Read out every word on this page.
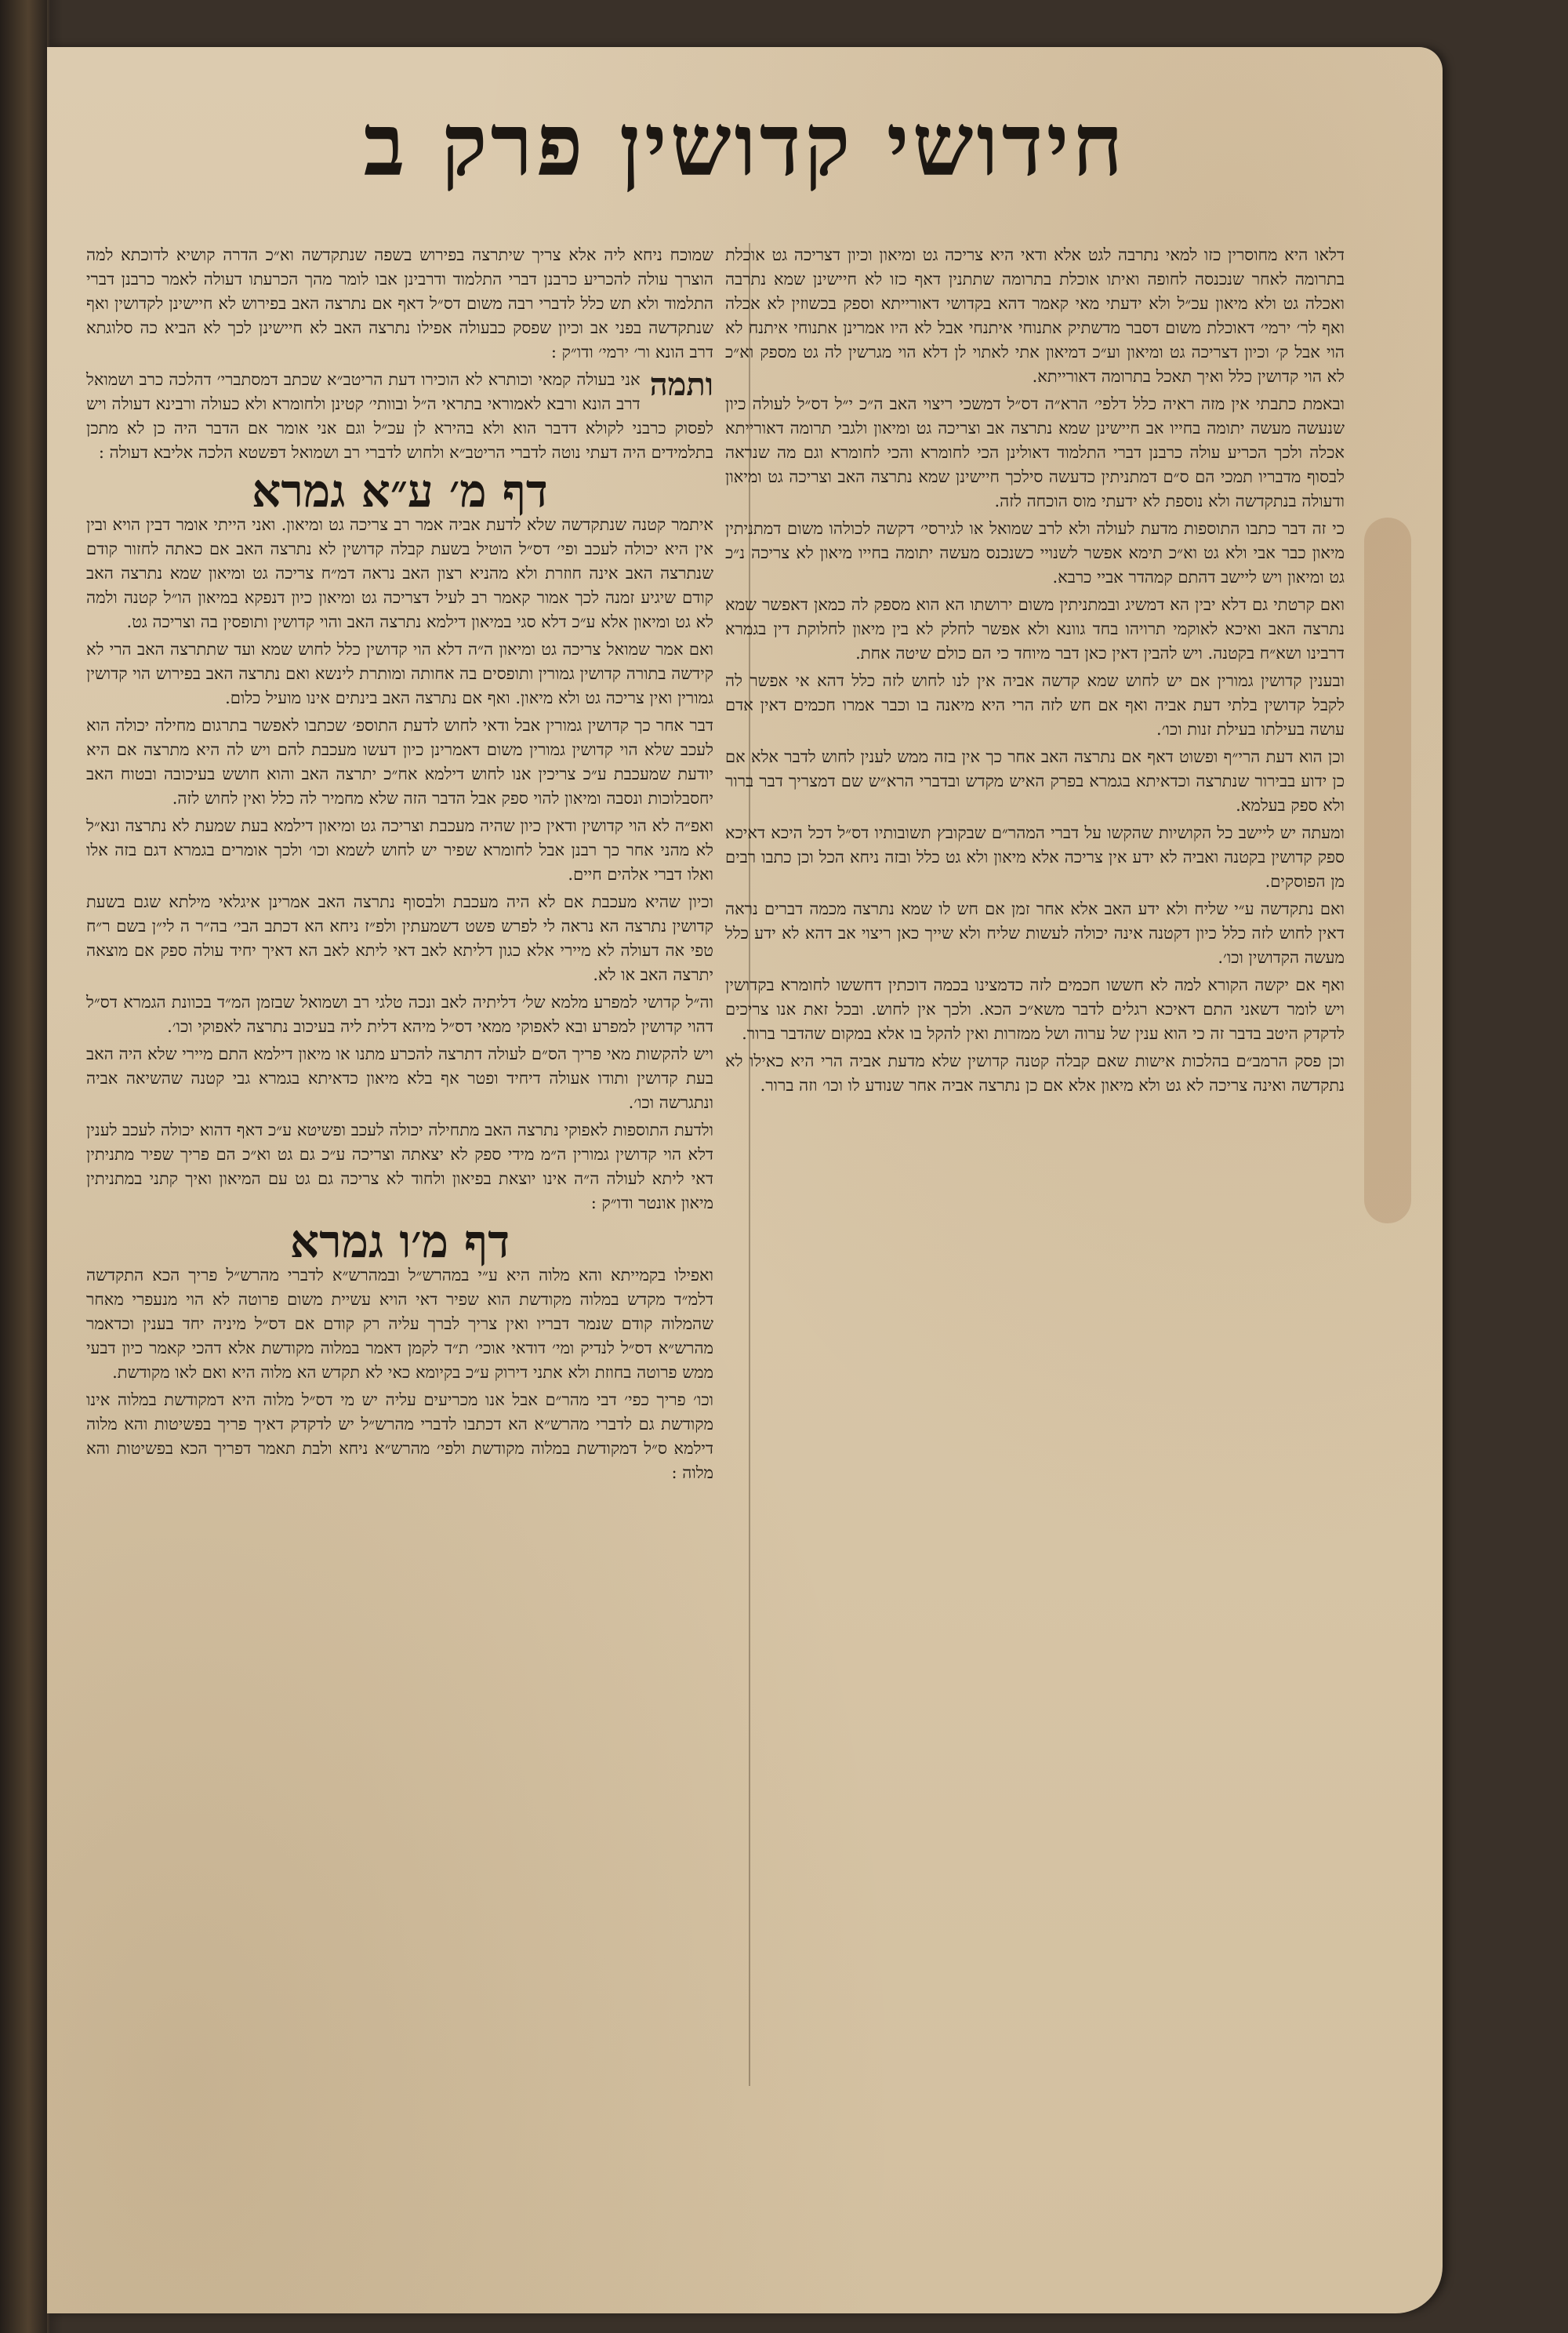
חידושי קדושין פרק ב

דלאו היא מחוסרין כזו למאי נתרבה לגט אלא ודאי היא צריכה גט ומיאון וכיון דצריכה גט אוכלת בתרומה לאחר שנכנסה לחופה ואיתו אוכלת בתרומה שתתנין דאף כזו לא חיישינן שמא נתרבה ואכלה גט ולא מיאון עכ״ל ולא ידעתי מאי קאמר דהא בקדושי דאורייתא וספק בכשוזין לא אכלה ואף לר׳ ירמי׳ דאוכלת משום דסבר מדשתיק אתנוחי איתנחי אבל לא היו אמרינן אתנוחי איתנח לא הוי אבל ק׳ וכיון דצריכה גט ומיאון וע״כ דמיאון אתי לאתוי לן דלא הוי מגרשין לה גט מספק וא״כ לא הוי קדושין כלל ואיך תאכל בתרומה דאורייתא.

ובאמת כתבתי אין מזה ראיה כלל דלפי׳ הרא״ה דס״ל דמשכי ריצוי האב ה״כ י״ל דס״ל לעולה כיון שנעשה מעשה יתומה בחייו אב חיישינן שמא נתרצה אב וצריכה גט ומיאון ולגבי תרומה דאורייתא אכלה ולכך הכריע עולה כרבנן דברי התלמוד דאולינן הכי לחומרא והכי לחומרא וגם מה שנראה לבסוף מדבריו תמכי הם ס״ם דמתניתין כדעשה סילכך חיישינן שמא נתרצה האב וצריכה גט ומיאון ודעולה בנתקדשה ולא נוספת לא ידעתי מוס הוכחה לזה.

כי זה דבר כתבו התוספות מדעת לעולה ולא לרב שמואל או לגירסי׳ דקשה לכולהו משום דמתניתין מיאון כבר אבי ולא גט וא״כ תימא אפשר לשנויי כשנכנס מעשה יתומה בחייו מיאון לא צריכה נ״כ גט ומיאון ויש ליישב דהתם קמהדר אביי כרבא.

ואם קרטתי גם דלא יבין הא דמשיג ובמתניתין משום ירושתו הא הוא מספק לה כמאן דאפשר שמא נתרצה האב ואיכא לאוקמי תרויהו בחד גוונא ולא אפשר לחלק לא בין מיאון לחלוקת דין בגמרא דרבינו ושא״ח בקטנה. ויש להבין דאין כאן דבר מיוחד כי הם כולם שיטה אחת.

ובענין קדושין גמורין אם יש לחוש שמא קדשה אביה אין לנו לחוש לזה כלל דהא אי אפשר לה לקבל קדושין בלתי דעת אביה ואף אם חש לזה הרי היא מיאנה בו וכבר אמרו חכמים דאין אדם עושה בעילתו בעילת זנות וכו׳.

וכן הוא דעת הרי״ף ופשוט דאף אם נתרצה האב אחר כך אין בזה ממש לענין לחוש לדבר אלא אם כן ידוע בבירור שנתרצה וכדאיתא בגמרא בפרק האיש מקדש ובדברי הרא״ש שם דמצריך דבר ברור ולא ספק בעלמא.

ומעתה יש ליישב כל הקושיות שהקשו על דברי המהר״ם שבקובץ תשובותיו דס״ל דכל היכא דאיכא ספק קדושין בקטנה ואביה לא ידע אין צריכה אלא מיאון ולא גט כלל ובזה ניחא הכל וכן כתבו רבים מן הפוסקים.

ואם נתקדשה ע״י שליח ולא ידע האב אלא אחר זמן אם חש לו שמא נתרצה מכמה דברים נראה דאין לחוש לזה כלל כיון דקטנה אינה יכולה לעשות שליח ולא שייך כאן ריצוי אב דהא לא ידע כלל מעשה הקדושין וכו׳.

ואף אם יקשה הקורא למה לא חששו חכמים לזה כדמצינו בכמה דוכתין דחששו לחומרא בקדושין ויש לומר דשאני התם דאיכא רגלים לדבר משא״כ הכא. ולכך אין לחוש. ובכל זאת אנו צריכים לדקדק היטב בדבר זה כי הוא ענין של ערוה ושל ממזרות ואין להקל בו אלא במקום שהדבר ברור.

וכן פסק הרמב״ם בהלכות אישות שאם קבלה קטנה קדושין שלא מדעת אביה הרי היא כאילו לא נתקדשה ואינה צריכה לא גט ולא מיאון אלא אם כן נתרצה אביה אחר שנודע לו וכו׳ וזה ברור.

שמוכח ניחא ליה אלא צריך שיתרצה בפירוש בשפה שנתקדשה וא״כ הדרה קושיא לדוכתא למה הוצרך עולה להכריע כרבנן דברי התלמוד ודרבינן אבו לומר מהך הכרעתו דעולה לאמר כרבנן דברי התלמוד ולא תש כלל לדברי רבה משום דס״ל דאף אם נתרצה האב בפירוש לא חיישינן לקדושין ואף שנתקדשה בפני אב וכיון שפסק כבעולה אפילו נתרצה האב לא חיישינן לכך לא הביא כה סלוגתא דרב הונא ור׳ ירמי׳ ודו״ק :

ותמה
אני בעולה קמאי וכותרא לא הוכירו דעת הריטב״א שכתב דמסתברי׳ דהלכה כרב ושמואל דרב הונא ורבא לאמוראי בתראי ה״ל ובוותי׳ קטינן ולחומרא ולא כעולה ורבינא דעולה ויש לפסוק כרבני לקולא דדבר הוא ולא בהירא לן עכ״ל וגם אני אומר אם הדבר היה כן לא מתכן בתלמידים היה דעתי נוטה לדברי הריטב״א ולחוש לדברי רב ושמואל דפשטא הלכה אליבא דעולה :

דף מ׳ ע״א גמרא

איתמר קטנה שנתקדשה שלא לדעת אביה אמר רב צריכה גט ומיאון. ואני הייתי אומר דבין הויא ובין אין היא יכולה לעכב ופי׳ דס״ל הוטיל בשעת קבלה קדושין לא נתרצה האב אם כאתה לחזור קודם שנתרצה האב אינה חוזרת ולא מהניא רצון האב נראה דמ״ח צריכה גט ומיאון שמא נתרצה האב קודם שיגיע זמנה לכך אמור קאמר רב לעיל דצריכה גט ומיאון כיון דנפקא במיאון הו״ל קטנה ולמה לא גט ומיאון אלא ע״כ דלא סגי במיאון דילמא נתרצה האב והוי קדושין ותופסין בה וצריכה גט.

ואם אמר שמואל צריכה גט ומיאון ה״ה דלא הוי קדושין כלל לחוש שמא ועד שתתרצה האב הרי לא קידשה בתורה קדושין גמורין ותופסים בה אחותה ומותרת לינשא ואם נתרצה האב בפירוש הוי קדושין גמורין ואין צריכה גט ולא מיאון. ואף אם נתרצה האב בינתים אינו מועיל כלום.

דבר אחר כך קדושין גמורין אבל ודאי לחוש לדעת התוספ׳ שכתבו לאפשר בתרגום מחילה יכולה הוא לעכב שלא הוי קדושין גמורין משום דאמרינן כיון דעשו מעכבת להם ויש לה היא מתרצה אם היא יודעת שמעכבת ע״כ צריכין אנו לחוש דילמא אח״כ יתרצה האב והוא חושש בעיכובה ובטוח האב יחסבלוכות ונסבה ומיאון להוי ספק אבל הדבר הזה שלא מחמיר לה כלל ואין לחוש לזה.

ואפ״ה לא הוי קדושין ודאין כיון שהיה מעכבת וצריכה גט ומיאון דילמא בעת שמעת לא נתרצה ונא״ל לא מהני אחר כך רבנן אבל לחומרא שפיר יש לחוש לשמא וכו׳ ולכך אומרים בגמרא דגם בזה אלו ואלו דברי אלהים חיים.

וכיון שהיא מעכבת אם לא היה מעכבת ולבסוף נתרצה האב אמרינן איגלאי מילתא שגם בשעת קדושין נתרצה הא נראה לי לפרש פשט דשמעתין ולפ״ז ניחא הא דכתב הבי׳ בה״ר ה לי״ן בשם ר״ח טפי אה דעולה לא מיירי אלא כגון דליתא לאב דאי ליתא לאב הא דאיך יחיד עולה ספק אם מוצאה יתרצה האב או לא.

וה״ל קדושי למפרע מלמא של׳ דליתיה לאב ונכה טלגי רב ושמואל שבזמן המ״ד בכוונת הגמרא דס״ל דהוי קדושין למפרע ובא לאפוקי ממאי דס״ל מיהא דלית ליה בעיכוב נתרצה לאפוקי וכו׳.

ויש להקשות מאי פריך הס״ם לעולה דתרצה להכרע מתנו או מיאון דילמא התם מיירי שלא היה האב בעת קדושין ותודו אעולה דיחיד ופטר אף בלא מיאון כדאיתא בגמרא גבי קטנה שהשיאה אביה ונתגרשה וכו׳.

ולדעת התוספות לאפוקי נתרצה האב מתחילה יכולה לעכב ופשיטא ע״כ דאף דהוא יכולה לעכב לענין דלא הוי קדושין גמורין ה״מ מידי ספק לא יצאתה וצריכה ע״כ גם גט וא״כ הם פריך שפיר מתניתין דאי ליתא לעולה ה״ה אינו יוצאת בפיאון ולחוד לא צריכה גם גט עם המיאון ואיך קתני במתניתין מיאון אונטר ודו״ק :

דף מ׳ו גמרא

ואפילו בקמייתא והא מלוה היא ע״י במהרש״ל ובמהרש״א לדברי מהרש״ל פריך הכא התקדשה דלמ״ד מקדש במלוה מקודשת הוא שפיר דאי הויא עשיית משום פרוטה לא הוי מנעפרי מאחר שהמלוה קודם שנמר דבריו ואין צריך לברך עליה רק קודם אם דס״ל מיניה יחד בענין וכדאמר מהרש״א דס״ל לנדיק ומי׳ דודאי אוכי׳ ת״ד לקמן דאמר במלוה מקודשת אלא דהכי קאמר כיון דבעי ממש פרוטה בחוזת ולא אתני דירוק ע״כ בקיומא כאי לא תקדש הא מלוה היא ואם לאו מקודשת.

וכו׳ פריך כפי׳ דבי מהר״ם אבל אנו מכריעים עליה יש מי דס״ל מלוה היא דמקודשת במלוה אינו מקודשת גם לדברי מהרש״א הא דכתבו לדברי מהרש״ל יש לדקדק דאיך פריך בפשיטות והא מלוה דילמא ס״ל דמקודשת במלוה מקודשת ולפי׳ מהרש״א ניחא ולבת תאמר דפריך הכא בפשיטות והא מלוה :
